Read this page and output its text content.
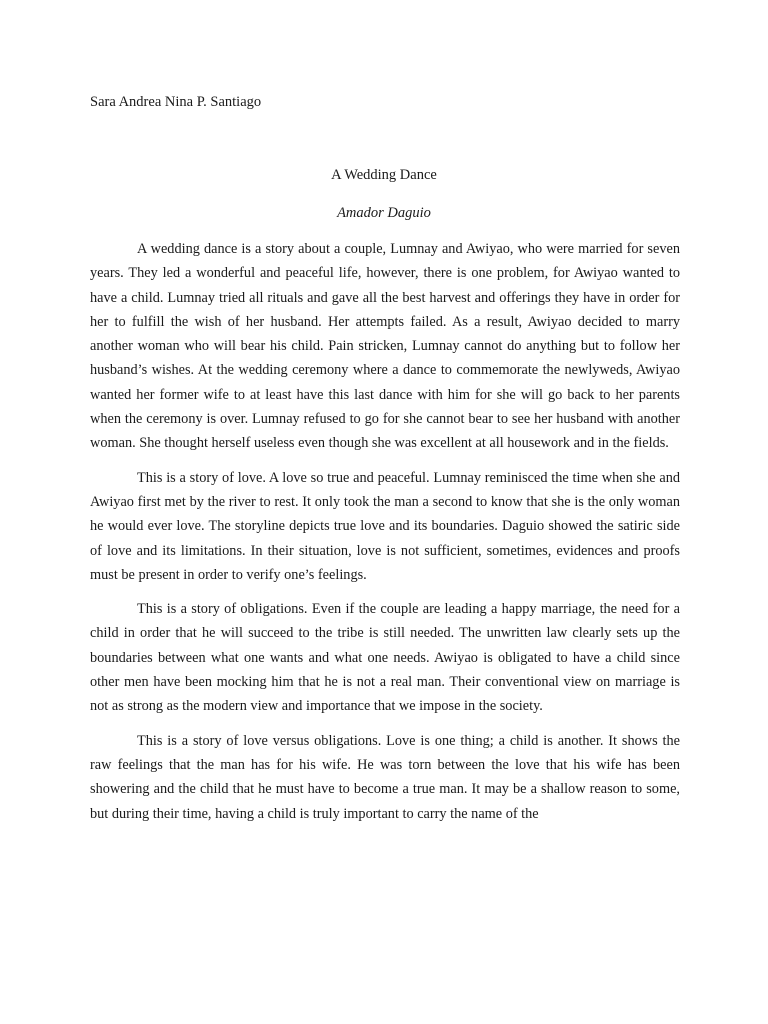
Sara Andrea Nina P. Santiago
A Wedding Dance
Amador Daguio

A wedding dance is a story about a couple, Lumnay and Awiyao, who were married for seven years. They led a wonderful and peaceful life, however, there is one problem, for Awiyao wanted to have a child. Lumnay tried all rituals and gave all the best harvest and offerings they have in order for her to fulfill the wish of her husband. Her attempts failed. As a result, Awiyao decided to marry another woman who will bear his child. Pain stricken, Lumnay cannot do anything but to follow her husband’s wishes. At the wedding ceremony where a dance to commemorate the newlyweds, Awiyao wanted her former wife to at least have this last dance with him for she will go back to her parents when the ceremony is over. Lumnay refused to go for she cannot bear to see her husband with another woman. She thought herself useless even though she was excellent at all housework and in the fields.

This is a story of love. A love so true and peaceful. Lumnay reminisced the time when she and Awiyao first met by the river to rest. It only took the man a second to know that she is the only woman he would ever love. The storyline depicts true love and its boundaries. Daguio showed the satiric side of love and its limitations. In their situation, love is not sufficient, sometimes, evidences and proofs must be present in order to verify one’s feelings.

This is a story of obligations. Even if the couple are leading a happy marriage, the need for a child in order that he will succeed to the tribe is still needed. The unwritten law clearly sets up the boundaries between what one wants and what one needs. Awiyao is obligated to have a child since other men have been mocking him that he is not a real man. Their conventional view on marriage is not as strong as the modern view and importance that we impose in the society.

This is a story of love versus obligations. Love is one thing; a child is another. It shows the raw feelings that the man has for his wife. He was torn between the love that his wife has been showering and the child that he must have to become a true man. It may be a shallow reason to some, but during their time, having a child is truly important to carry the name of the
